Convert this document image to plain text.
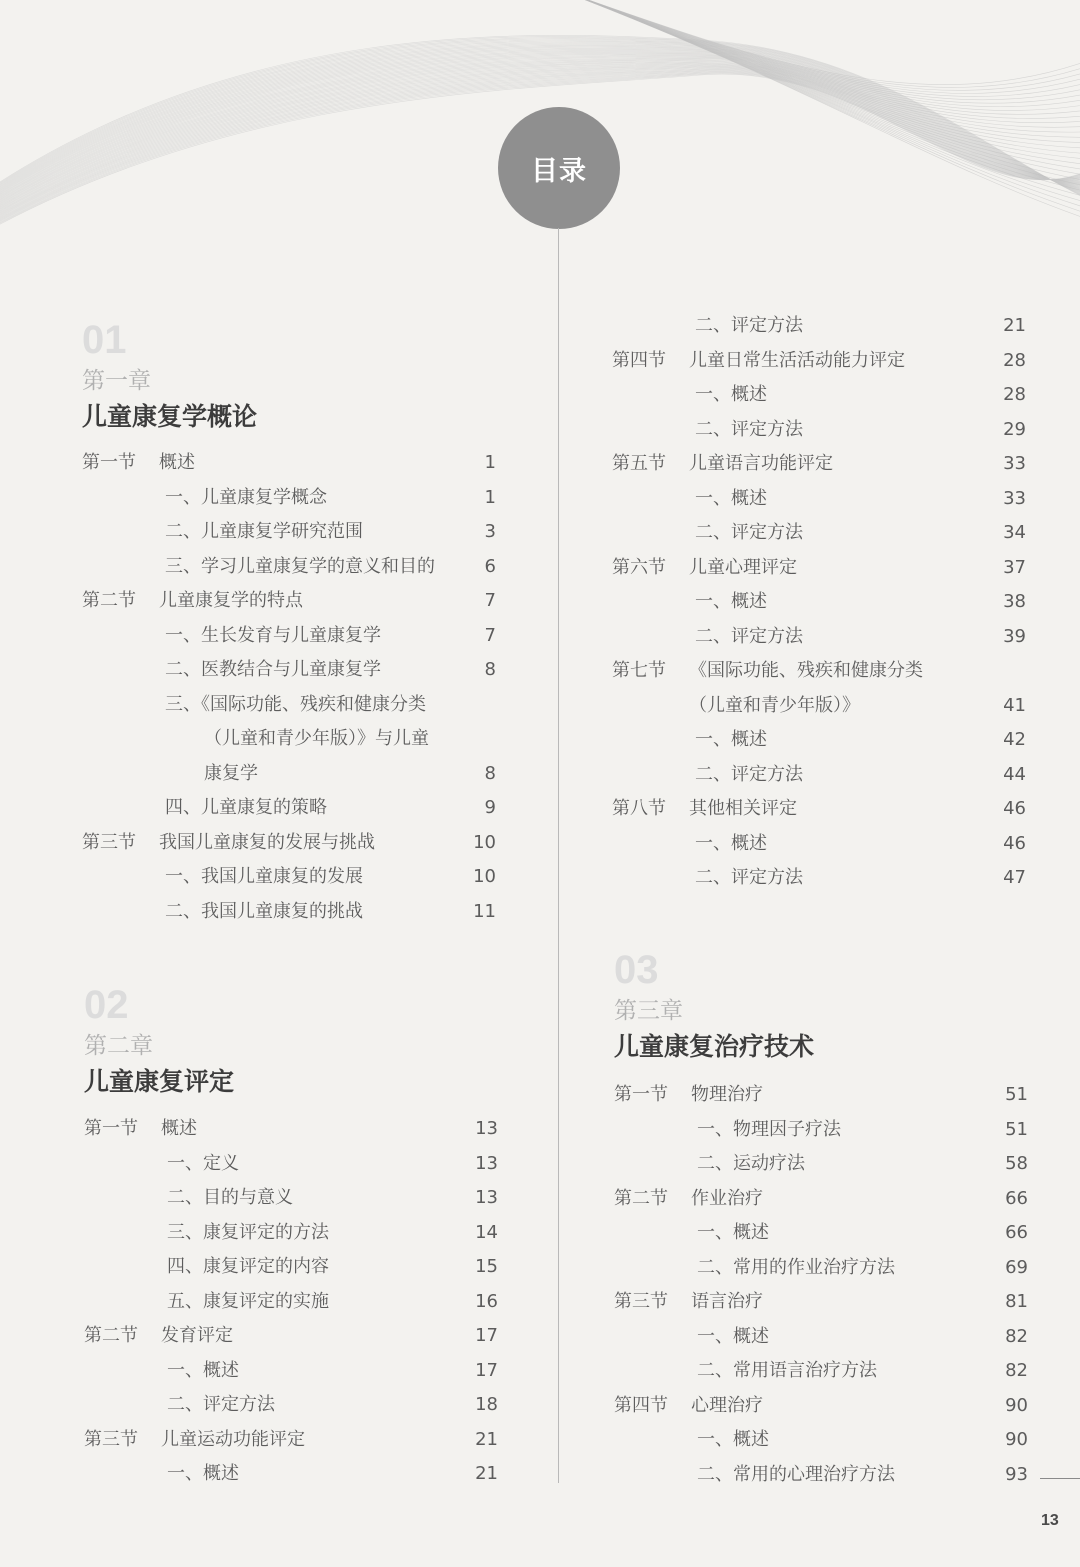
目录
01
第一章
儿童康复学概论
第一节 概述	1
一、儿童康复学概念	1
二、儿童康复学研究范围	3
三、学习儿童康复学的意义和目的	6
第二节 儿童康复学的特点	7
一、生长发育与儿童康复学	7
二、医教结合与儿童康复学	8
三、《国际功能、残疾和健康分类
（儿童和青少年版）》与儿童
康复学	8
四、儿童康复的策略	9
第三节 我国儿童康复的发展与挑战	10
一、我国儿童康复的发展	10
二、我国儿童康复的挑战	11
02
第二章
儿童康复评定
第一节 概述	13
一、定义	13
二、目的与意义	13
三、康复评定的方法	14
四、康复评定的内容	15
五、康复评定的实施	16
第二节 发育评定	17
一、概述	17
二、评定方法	18
第三节 儿童运动功能评定	21
一、概述	21
二、评定方法	21
第四节 儿童日常生活活动能力评定	28
一、概述	28
二、评定方法	29
第五节 儿童语言功能评定	33
一、概述	33
二、评定方法	34
第六节 儿童心理评定	37
一、概述	38
二、评定方法	39
第七节 《国际功能、残疾和健康分类
（儿童和青少年版）》	41
一、概述	42
二、评定方法	44
第八节 其他相关评定	46
一、概述	46
二、评定方法	47
03
第三章
儿童康复治疗技术
第一节 物理治疗	51
一、物理因子疗法	51
二、运动疗法	58
第二节 作业治疗	66
一、概述	66
二、常用的作业治疗方法	69
第三节 语言治疗	81
一、概述	82
二、常用语言治疗方法	82
第四节 心理治疗	90
一、概述	90
二、常用的心理治疗方法	93
13
